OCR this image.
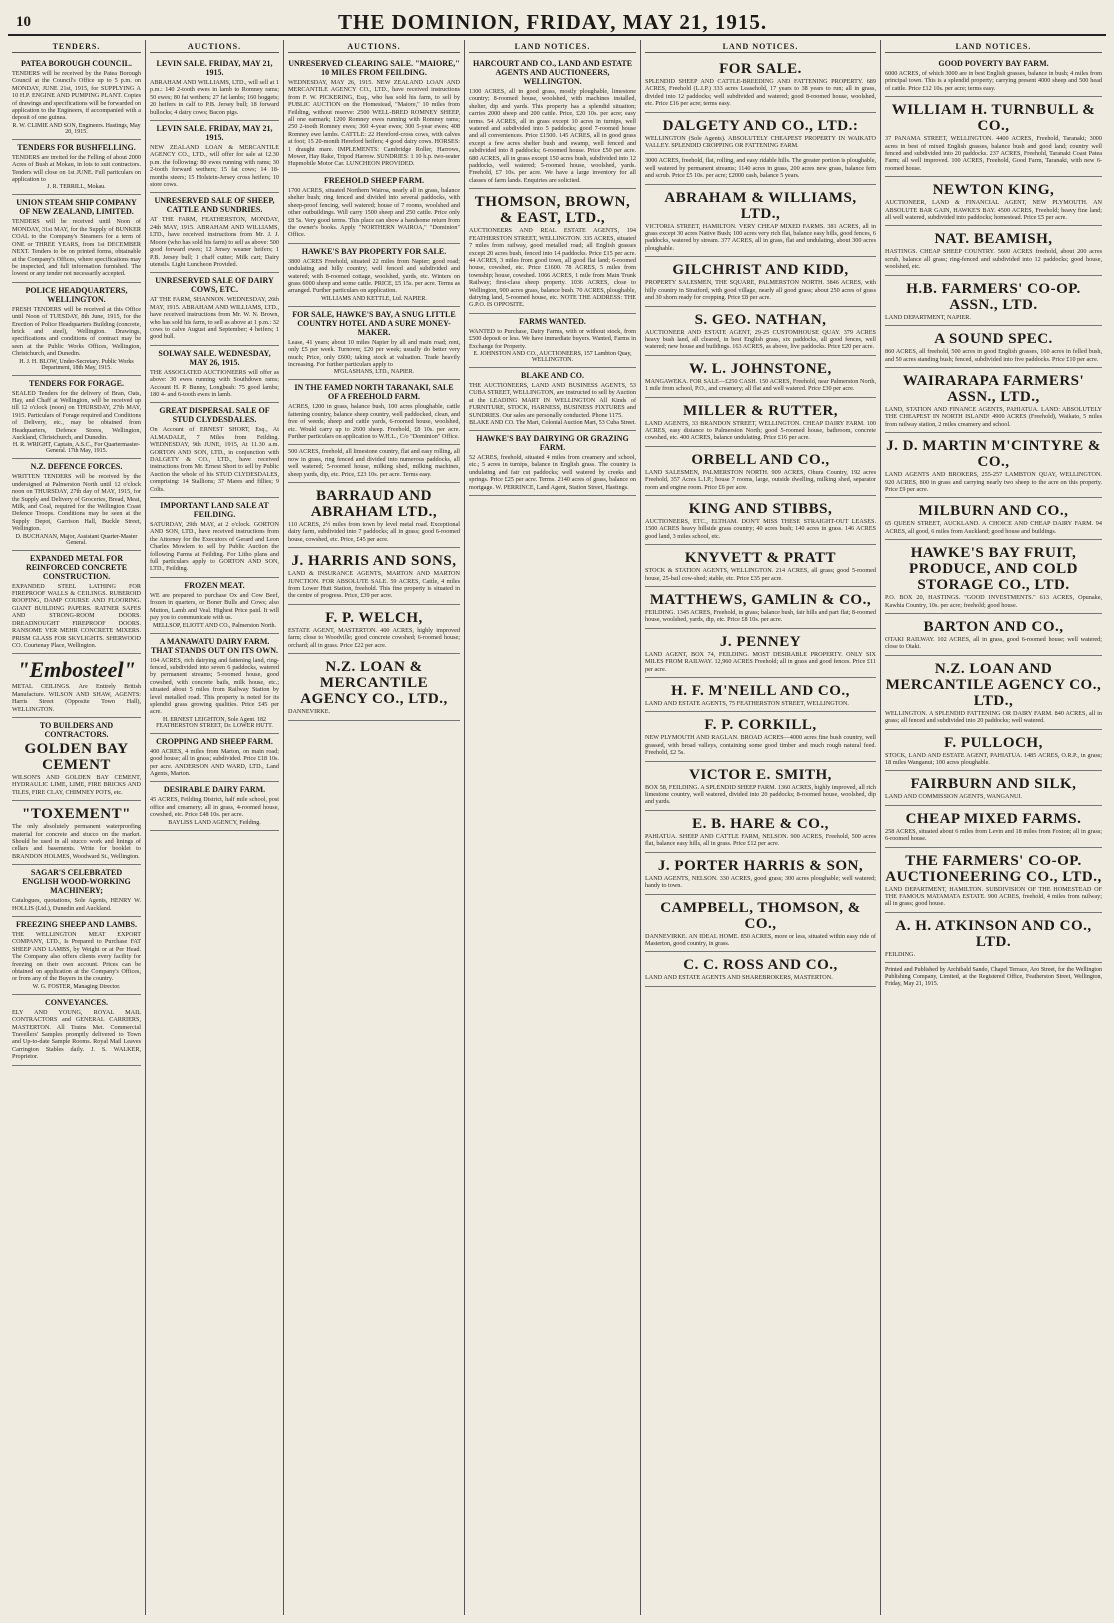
10	THE DOMINION, FRIDAY, MAY 21, 1915.
TENDERS.
PATEA BOROUGH COUNCIL.

TENDERS will be received by the Patea Borough Council at the Council's Office up to 5 p.m. on MONDAY, JUNE 21st, 1915, for SUPPLYING A 10 H.P. ENGINE AND PUMPING PLANT. Copies of drawings and specifications will be forwarded on application to the Engineers, if accompanied with a deposit of one guinea.

R. W. CLIMIE AND SON, Engineers. Hastings, May 20, 1915.
TENDERS FOR BUSHFELLING.

TENDERS are invited for the Felling of about 2000 Acres of Bush at Mokau, in lots to suit contractors. Tenders will close on 1st JUNE. Full particulars on application to

J. R. TERRILL, Mokau.
UNION STEAM SHIP COMPANY OF NEW ZEALAND, LIMITED.

TENDERS will be received until Noon of MONDAY, 31st MAY, for the Supply of BUNKER COAL to the Company's Steamers for a term of ONE or THREE YEARS, from 1st DECEMBER NEXT. Tenders to be on printed forms, obtainable at the Company's Offices, where specifications may be inspected, and full information furnished. The lowest or any tender not necessarily accepted.

POLICE HEADQUARTERS, WELLINGTON.

FRESH TENDERS will be received at this Office until Noon of TUESDAY, 8th June, 1915, for the Erection of Police Headquarters Building (concrete, brick and steel), Wellington. Drawings, specifications and conditions of contract may be seen at the Public Works Offices, Wellington, Christchurch, and Dunedin.

H. J. H. BLOW, Under-Secretary. Public Works Department, 18th May, 1915.
TENDERS FOR FORAGE.

SEALED Tenders for the delivery of Bran, Oats, Hay, and Chaff at Wellington, will be received up till 12 o'clock (noon) on THURSDAY, 27th MAY, 1915. Particulars of Forage required and Conditions of Delivery, etc., may be obtained from Headquarters, Defence Stores, Wellington, Auckland, Christchurch, and Dunedin.

H. R. WRIGHT, Captain, A.S.C., For Quartermaster-General. 17th May, 1915.
N.Z. DEFENCE FORCES.

WRITTEN TENDERS will be received by the undersigned at Palmerston North until 12 o'clock noon on THURSDAY, 27th day of MAY, 1915, for the Supply and Delivery of Groceries, Bread, Meat, Milk, and Coal, required for the Wellington Coast Defence Troops. Conditions may be seen at the Supply Depot, Garrison Hall, Buckle Street, Wellington.

D. BUCHANAN, Major, Assistant Quarter-Master General.
EXPANDED METAL FOR REINFORCED CONCRETE CONSTRUCTION.

EXPANDED STEEL LATHING FOR FIREPROOF WALLS & CEILINGS. RUBEROID ROOFING, DAMP COURSE AND FLOORING. GIANT BUILDING PAPERS. RATNER SAFES AND STRONG-ROOM DOORS. DREADNOUGHT FIREPROOF DOORS. RANSOME VER MEHR CONCRETE MIXERS. PRISM GLASS FOR SKYLIGHTS. SHERWOOD CO. Courtenay Place, Wellington.

"Embosteel"

METAL CEILINGS. Are Entirely British Manufacture. WILSON AND SHAW, AGENTS: Harris Street (Opposite Town Hall), WELLINGTON.

TO BUILDERS AND CONTRACTORS.
GOLDEN BAY CEMENT

WILSON'S AND GOLDEN BAY CEMENT, HYDRAULIC LIME, LIME, FIRE BRICKS AND TILES, FIRE CLAY, CHIMNEY POTS, etc.

"TOXEMENT"

The only absolutely permanent waterproofing material for concrete and stucco on the market. Should be used in all stucco work and linings of cellars and basements. Write for booklet to BRANDON HOLMES, Woodward St., Wellington.

SAGAR'S CELEBRATED ENGLISH WOOD-WORKING MACHINERY;

Catalogues, quotations, Sole Agents, HENRY W. HOLLIS (Ltd.), Dunedin and Auckland.

FREEZING SHEEP AND LAMBS.

THE WELLINGTON MEAT EXPORT COMPANY, LTD., Is Prepared to Purchase FAT SHEEP AND LAMBS, by Weight or at Per Head. The Company also offers clients every facility for freezing on their own account. Prices can be obtained on application at the Company's Offices, or from any of the Buyers in the country.

W. G. FOSTER, Managing Director.
CONVEYANCES.

ELY AND YOUNG, ROYAL MAIL CONTRACTORS and GENERAL CARRIERS, MASTERTON. All Trains Met. Commercial Travellers' Samples promptly delivered to Town and Up-to-date Sample Rooms. Royal Mail Leaves Carrington Stables daily. J. S. WALKER, Proprietor.

AUCTIONS.
LEVIN SALE. FRIDAY, MAY 21, 1915.

ABRAHAM AND WILLIAMS, LTD., will sell at 1 p.m.: 140 2-tooth ewes in lamb to Romney rams; 50 ewes; 80 fat wethers; 27 fat lambs; 160 hoggets; 20 heifers in calf to P.B. Jersey bull; 18 forward bullocks; 4 dairy cows; Bacon pigs.

LEVIN SALE. FRIDAY, MAY 21, 1915.

NEW ZEALAND LOAN & MERCANTILE AGENCY CO., LTD., will offer for sale at 12.30 p.m. the following: 80 ewes running with rams; 30 2-tooth forward wethers; 15 fat cows; 14 18-months steers; 15 Holstein-Jersey cross heifers; 10 store cows.

UNRESERVED SALE OF SHEEP, CATTLE AND SUNDRIES.

AT THE FARM, FEATHERSTON, MONDAY, 24th MAY, 1915. ABRAHAM AND WILLIAMS, LTD., have received instructions from Mr. J. J. Moore (who has sold his farm) to sell as above: 500 good forward ewes; 12 Jersey weaner heifers; 1 P.B. Jersey bull; 1 chaff cutter; Milk cart; Dairy utensils. Light Luncheon Provided.

UNRESERVED SALE OF DAIRY COWS, ETC.

AT THE FARM, SHANNON. WEDNESDAY, 26th MAY, 1915. ABRAHAM AND WILLIAMS, LTD., have received instructions from Mr. W. N. Brown, who has sold his farm, to sell as above at 1 p.m.: 32 cows to calve August and September; 4 heifers; 1 good bull.

SOLWAY SALE. WEDNESDAY, MAY 26, 1915.

THE ASSOCIATED AUCTIONEERS will offer as above: 30 ewes running with Southdown rams; Account H. P. Bunny, Longbush: 75 good lambs; 180 4- and 6-tooth ewes in lamb.

GREAT DISPERSAL SALE OF STUD CLYDESDALES.

On Account of ERNEST SHORT, Esq., At ALMADALE, 7 Miles from Feilding. WEDNESDAY, 9th JUNE, 1915, At 11.30 a.m. GORTON AND SON, LTD., in conjunction with DALGETY & CO., LTD., have received instructions from Mr. Ernest Short to sell by Public Auction the whole of his STUD CLYDESDALES, comprising: 14 Stallions; 37 Mares and fillies; 9 Colts.

IMPORTANT LAND SALE AT FEILDING.

SATURDAY, 29th MAY, at 2 o'clock. GORTON AND SON, LTD., have received instructions from the Attorney for the Executors of Gerard and Leon Charles Mowlem to sell by Public Auction the following Farms at Feilding. For Litho plans and full particulars apply to GORTON AND SON, LTD., Feilding.

FROZEN MEAT.

WE are prepared to purchase Ox and Cow Beef, frozen in quarters, or Boner Bulls and Cows; also Mutton, Lamb and Veal. Highest Price paid. It will pay you to communicate with us.

MELLSOP, ELIOTT AND CO., Palmerston North.
A MANAWATU DAIRY FARM. THAT STANDS OUT ON ITS OWN.

104 ACRES, rich dairying and fattening land, ring-fenced, subdivided into seven 6 paddocks, watered by permanent streams; 5-roomed house, good cowshed, with concrete bails, milk house, etc.; situated about 5 miles from Railway Station by level metalled road. This property is noted for its splendid grass growing qualities. Price £45 per acre.

H. ERNEST LEIGHTON, Sole Agent. 182 FEATHERSTON STREET, Dr. LOWER HUTT.
CROPPING AND SHEEP FARM.

400 ACRES, 4 miles from Marton, on main road; good house; all in grass; subdivided. Price £18 10s. per acre. ANDERSON AND WARD, LTD., Land Agents, Marton.

DESIRABLE DAIRY FARM.

45 ACRES, Feilding District, half mile school, post office and creamery; all in grass, 4-roomed house, cowshed, etc. Price £48 10s. per acre.

BAYLISS LAND AGENCY, Feilding.
AUCTIONS.
UNRESERVED CLEARING SALE. "MAIORE," 10 MILES FROM FEILDING.

WEDNESDAY, MAY 26, 1915. NEW ZEALAND LOAN AND MERCANTILE AGENCY CO., LTD., have received instructions from F. W. PICKERING, Esq., who has sold his farm, to sell by PUBLIC AUCTION on the Homestead, "Maiore," 10 miles from Feilding, without reserve: 2500 WELL-BRED ROMNEY SHEEP, all one earmark; 1200 Romney ewes running with Romney rams; 250 2-tooth Romney ewes; 360 4-year ewes; 300 5-year ewes; 408 Romney ewe lambs. CATTLE: 22 Hereford-cross cows, with calves at foot; 15 20-month Hereford heifers; 4 good dairy cows. HORSES: 1 draught mare. IMPLEMENTS: Cambridge Roller, Harrows, Mower, Hay Rake, Tripod Harrow. SUNDRIES: 1 10 h.p. two-seater Hupmobile Motor Car. LUNCHEON PROVIDED.

FREEHOLD SHEEP FARM.

1700 ACRES, situated Northern Wairoa, nearly all in grass, balance shelter bush; ring fenced and divided into several paddocks, with sheep-proof fencing, well watered; house of 7 rooms, woolshed and other outbuildings. Will carry 1500 sheep and 250 cattle. Price only £8 5s. Very good terms. This place can show a handsome return from the owner's books. Apply "NORTHERN WAIROA," "Dominion" Office.

HAWKE'S BAY PROPERTY FOR SALE.

3800 ACRES Freehold, situated 22 miles from Napier; good road; undulating and hilly country; well fenced and subdivided and watered; with 8-roomed cottage, woolshed, yards, etc. Winters on grass 6000 sheep and some cattle. PRICE, £5 15s. per acre. Terms as arranged. Further particulars on application.

WILLIAMS AND KETTLE, Ltd. NAPIER.
FOR SALE, HAWKE'S BAY, A SNUG LITTLE COUNTRY HOTEL AND A SURE MONEY-MAKER.

Lease, 41 years; about 10 miles Napier by all and main road; rent, only £5 per week. Turnover, £20 per week; usually do better very much; Price, only £600; taking stock at valuation. Trade heavily increasing. For further particulars apply to

M'GLASHANS, LTD., NAPIER.
IN THE FAMED NORTH TARANAKI, SALE OF A FREEHOLD FARM.

ACRES, 1200 in grass, balance bush, 100 acres ploughable, cattle fattening country, balance sheep country, well paddocked, clean, and free of weeds; sheep and cattle yards, 6-roomed house, woolshed, etc. Would carry up to 2600 sheep. Freehold, £8 10s. per acre. Further particulars on application to W.H.L., C/o "Dominion" Office.

500 ACRES, freehold, all limestone country, flat and easy rolling, all now in grass, ring fenced and divided into numerous paddocks, all well watered; 5-roomed house, milking shed, milking machines, sheep yards, dip, etc. Price, £23 10s. per acre. Terms easy.

BARRAUD AND ABRAHAM LTD.,

110 ACRES, 2½ miles from town by level metal road. Exceptional dairy farm, subdivided into 7 paddocks; all in grass; good 6-roomed house, cowshed, etc. Price, £45 per acre.

J. HARRIS AND SONS,

LAND & INSURANCE AGENTS, MARTON AND MARTON JUNCTION. FOR ABSOLUTE SALE. 59 ACRES, Cattle, 4 miles from Lower Hutt Station, freehold. This fine property is situated in the centre of progress. Price, £39 per acre.

F. P. WELCH,

ESTATE AGENT, MASTERTON. 400 ACRES, highly improved farm; close to Woodville; good concrete cowshed; 6-roomed house; orchard; all in grass. Price £22 per acre.

N.Z. LOAN & MERCANTILE AGENCY CO., LTD.,

DANNEVIRKE.

LAND NOTICES.
HARCOURT AND CO., LAND AND ESTATE AGENTS AND AUCTIONEERS, WELLINGTON.

1300 ACRES, all in good grass, mostly ploughable, limestone country; 8-roomed house, woolshed, with machines installed, shelter, dip and yards. This property has a splendid situation; carries 2000 sheep and 200 cattle. Price, £20 10s. per acre; easy terms. 54 ACRES, all in grass except 10 acres in turnips, well watered and subdivided into 5 paddocks; good 7-roomed house and all conveniences. Price £1500. 145 ACRES, all in good grass except a few acres shelter bush and swamp, well fenced and subdivided into 8 paddocks; 6-roomed house. Price £50 per acre. 680 ACRES, all in grass except 150 acres bush, subdivided into 12 paddocks, well watered; 5-roomed house, woolshed, yards. Freehold, £7 10s. per acre. We have a large inventory for all classes of farm lands. Enquiries are solicited.

THOMSON, BROWN, & EAST, LTD.,

AUCTIONEERS AND REAL ESTATE AGENTS, 194 FEATHERSTON STREET, WELLINGTON. 335 ACRES, situated 7 miles from railway, good metalled road; all English grasses except 20 acres bush, fenced into 14 paddocks. Price £15 per acre. 44 ACRES, 3 miles from good town, all good flat land; 6-roomed house, cowshed, etc. Price £1600. 78 ACRES, 5 miles from township; house, cowshed. 1066 ACRES, 1 mile from Main Trunk Railway; first-class sheep property. 1036 ACRES, close to Wellington, 900 acres grass, balance bush. 70 ACRES, ploughable, dairying land, 5-roomed house, etc. NOTE THE ADDRESS: THE G.P.O. IS OPPOSITE.

FARMS WANTED.

WANTED to Purchase, Dairy Farms, with or without stock, from £500 deposit or less. We have immediate buyers. Wanted, Farms in Exchange for Property.

E. JOHNSTON AND CO., AUCTIONEERS, 157 Lambton Quay, WELLINGTON.
BLAKE AND CO.

THE AUCTIONEERS, LAND AND BUSINESS AGENTS, 53 CUBA STREET, WELLINGTON, are instructed to sell by Auction at the LEADING MART IN WELLINGTON All Kinds of FURNITURE, STOCK, HARNESS, BUSINESS FIXTURES and SUNDRIES. Our sales are personally conducted. Phone 1175.

BLAKE AND CO. The Mart, Colonial Auction Mart, 53 Cuba Street.
HAWKE'S BAY DAIRYING OR GRAZING FARM.

52 ACRES, freehold, situated 4 miles from creamery and school, etc.; 5 acres in turnips, balance in English grass. The country is undulating and fair cut paddocks; well watered by creeks and springs. Price £25 per acre. Terms. 2140 acres of grass, balance on mortgage. W. PERRINCE, Land Agent, Station Street, Hastings.

LAND NOTICES.
FOR SALE.

SPLENDID SHEEP AND CATTLE-BREEDING AND FATTENING PROPERTY. 689 ACRES, Freehold (L.I.P.) 333 acres Leasehold, 17 years to 38 years to run; all in grass, divided into 12 paddocks; well subdivided and watered; good 8-roomed house, woolshed, etc. Price £16 per acre; terms easy.

DALGETY AND CO., LTD.:

WELLINGTON (Sole Agents). ABSOLUTELY CHEAPEST PROPERTY IN WAIKATO VALLEY. SPLENDID CROPPING OR FATTENING FARM.

3000 ACRES, freehold, flat, rolling, and easy ridable hills. The greater portion is ploughable, well watered by permanent streams; 1140 acres in grass, 200 acres new grass, balance fern and scrub. Price £5 10s. per acre; £2000 cash, balance 5 years.

ABRAHAM & WILLIAMS, LTD.,

VICTORIA STREET, HAMILTON. VERY CHEAP MIXED FARMS. 381 ACRES, all in grass except 30 acres Native Bush; 100 acres very rich flat, balance easy hills, good fences, 6 paddocks, watered by stream. 377 ACRES, all in grass, flat and undulating, about 300 acres ploughable.

GILCHRIST AND KIDD,

PROPERTY SALESMEN, THE SQUARE, PALMERSTON NORTH. 3846 ACRES, with hilly country in Stratford, with good village, nearly all good grass; about 250 acres of grass and 30 shorn ready for cropping. Price £8 per acre.

S. GEO. NATHAN,

AUCTIONEER AND ESTATE AGENT, 29-25 CUSTOMHOUSE QUAY. 379 ACRES heavy bush land, all cleared, in best English grass, six paddocks, all good fences, well watered; new house and buildings. 163 ACRES, as above, live paddocks. Price £20 per acre.

W. L. JOHNSTONE,

MANGAWEKA. FOR SALE—£250 CASH. 150 ACRES, Freehold, near Palmerston North, 1 mile from school, P.O., and creamery; all flat and well watered. Price £30 per acre.

MILLER & RUTTER,

LAND AGENTS, 33 BRANDON STREET, WELLINGTON. CHEAP DAIRY FARM. 100 ACRES, easy distance to Palmerston North; good 5-roomed house, bathroom, concrete cowshed, etc. 400 ACRES, balance undulating. Price £16 per acre.

ORBELL AND CO.,

LAND SALESMEN, PALMERSTON NORTH. 909 ACRES, Ohura Country, 192 acres Freehold, 357 Acres L.I.P.; house 7 rooms, large, outside dwelling, milking shed, separator room and engine room. Price £6 per acre.

KING AND STIBBS,

AUCTIONEERS, ETC., ELTHAM. DON'T MISS THESE STRAIGHT-OUT LEASES. 1500 ACRES heavy hillside grass country; 40 acres bush; 140 acres in grass. 146 ACRES good land, 3 miles school, etc.

KNYVETT & PRATT

STOCK & STATION AGENTS, WELLINGTON. 214 ACRES, all grass; good 5-roomed house, 25-bail cow-shed; stable, etc. Price £35 per acre.

MATTHEWS, GAMLIN & CO.,

FEILDING. 1345 ACRES, Freehold, in grass; balance bush, fair hills and part flat; 8-roomed house, woolshed, yards, dip, etc. Price £8 10s. per acre.

J. PENNEY

LAND AGENT, BOX 74, FEILDING. MOST DESIRABLE PROPERTY. ONLY SIX MILES FROM RAILWAY. 12,960 ACRES Freehold; all in grass and good fences. Price £11 per acre.

H. F. M'NEILL AND CO.,

LAND AND ESTATE AGENTS, 75 FEATHERSTON STREET, WELLINGTON.

F. P. CORKILL,

NEW PLYMOUTH AND RAGLAN. BROAD ACRES—4000 acres fine bush country, well grassed, with broad valleys, containing some good timber and much rough natural feed. Freehold, £2 5s.

VICTOR E. SMITH,

BOX 58, FEILDING. A SPLENDID SHEEP FARM. 1360 ACRES, highly improved, all rich limestone country, well watered, divided into 20 paddocks; 8-roomed house, woolshed, dip and yards.

E. B. HARE & CO.,

PAHIATUA. SHEEP AND CATTLE FARM, NELSON. 900 ACRES, Freehold, 500 acres flat, balance easy hills, all in grass. Price £12 per acre.

J. PORTER HARRIS & SON,

LAND AGENTS, NELSON. 330 ACRES, good grass; 300 acres ploughable; well watered; handy to town.

CAMPBELL, THOMSON, & CO.,

DANNEVIRKE. AN IDEAL HOME. 850 ACRES, more or less, situated within easy ride of Masterton, good country, in grass.

C. C. ROSS AND CO.,

LAND AND ESTATE AGENTS AND SHAREBROKERS, MASTERTON.

LAND NOTICES.
GOOD POVERTY BAY FARM.

6000 ACRES, of which 3000 are in best English grasses, balance in bush; 4 miles from principal town. This is a splendid property; carrying present 4000 sheep and 500 head of cattle. Price £12 10s. per acre; terms easy.

WILLIAM H. TURNBULL & CO.,

37 PANAMA STREET, WELLINGTON. 4400 ACRES, Freehold, Taranaki; 3000 acres in best of mixed English grasses, balance bush and good land; country well fenced and subdivided into 20 paddocks. 237 ACRES, Freehold, Taranaki Coast Patea Farm; all well improved. 100 ACRES, Freehold, Good Farm, Taranaki, with new 6-roomed house.

NEWTON KING,

AUCTIONEER, LAND & FINANCIAL AGENT, NEW PLYMOUTH. AN ABSOLUTE BAR GAIN, HAWKE'S BAY. 4500 ACRES, Freehold; heavy fine land; all well watered, subdivided into paddocks; homestead. Price £5 per acre.

NAT. BEAMISH,

HASTINGS. CHEAP SHEEP COUNTRY. 5600 ACRES freehold, about 200 acres scrub, balance all grass; ring-fenced and subdivided into 12 paddocks; good house, woolshed, etc.

H.B. FARMERS' CO-OP. ASSN., LTD.

LAND DEPARTMENT, NAPIER.

A SOUND SPEC.

860 ACRES, all freehold, 500 acres in good English grasses, 160 acres in felled bush, and 50 acres standing bush; fenced, subdivided into five paddocks. Price £10 per acre.

WAIRARAPA FARMERS' ASSN., LTD.,

LAND, STATION AND FINANCE AGENTS, PAHIATUA. LAND: ABSOLUTELY THE CHEAPEST IN NORTH ISLAND! 4900 ACRES (Freehold), Waikato, 5 miles from railway station, 2 miles creamery and school.

J. D. MARTIN M'CINTYRE & CO.,

LAND AGENTS AND BROKERS, 255-257 LAMBTON QUAY, WELLINGTON. 920 ACRES, 800 in grass and carrying nearly two sheep to the acre on this property. Price £9 per acre.

MILBURN AND CO.,

65 QUEEN STREET, AUCKLAND. A CHOICE AND CHEAP DAIRY FARM. 94 ACRES, all good, 6 miles from Auckland; good house and buildings.

HAWKE'S BAY FRUIT, PRODUCE, AND COLD STORAGE CO., LTD.

P.O. BOX 20, HASTINGS. "GOOD INVESTMENTS." 613 ACRES, Opunake, Kawhia Country, 10s. per acre; freehold; good house.

BARTON AND CO.,

OTAKI RAILWAY. 102 ACRES, all in grass, good 6-roomed house; well watered; close to Otaki.

N.Z. LOAN AND MERCANTILE AGENCY CO., LTD.,

WELLINGTON. A SPLENDID FATTENING OR DAIRY FARM. 840 ACRES, all in grass; all fenced and subdivided into 20 paddocks; well watered.

F. PULLOCH,

STOCK, LAND AND ESTATE AGENT, PAHIATUA. 1485 ACRES, O.R.P., in grass; 18 miles Wanganui; 100 acres ploughable.

FAIRBURN AND SILK,

LAND AND COMMISSION AGENTS, WANGANUI.

CHEAP MIXED FARMS.

258 ACRES, situated about 6 miles from Levin and 18 miles from Foxton; all in grass; 6-roomed house.

THE FARMERS' CO-OP. AUCTIONEERING CO., LTD.,

LAND DEPARTMENT, HAMILTON. SUBDIVISION OF THE HOMESTEAD OF THE FAMOUS MATAMATA ESTATE. 900 ACRES, freehold, 4 miles from railway; all in grass; good house.

A. H. ATKINSON AND CO., LTD.

FEILDING.

Printed and Published by Archibald Sando, Chapel Terrace, Aro Street, for the Wellington Publishing Company, Limited, at the Registered Office, Featherston Street, Wellington, Friday, May 21, 1915.
